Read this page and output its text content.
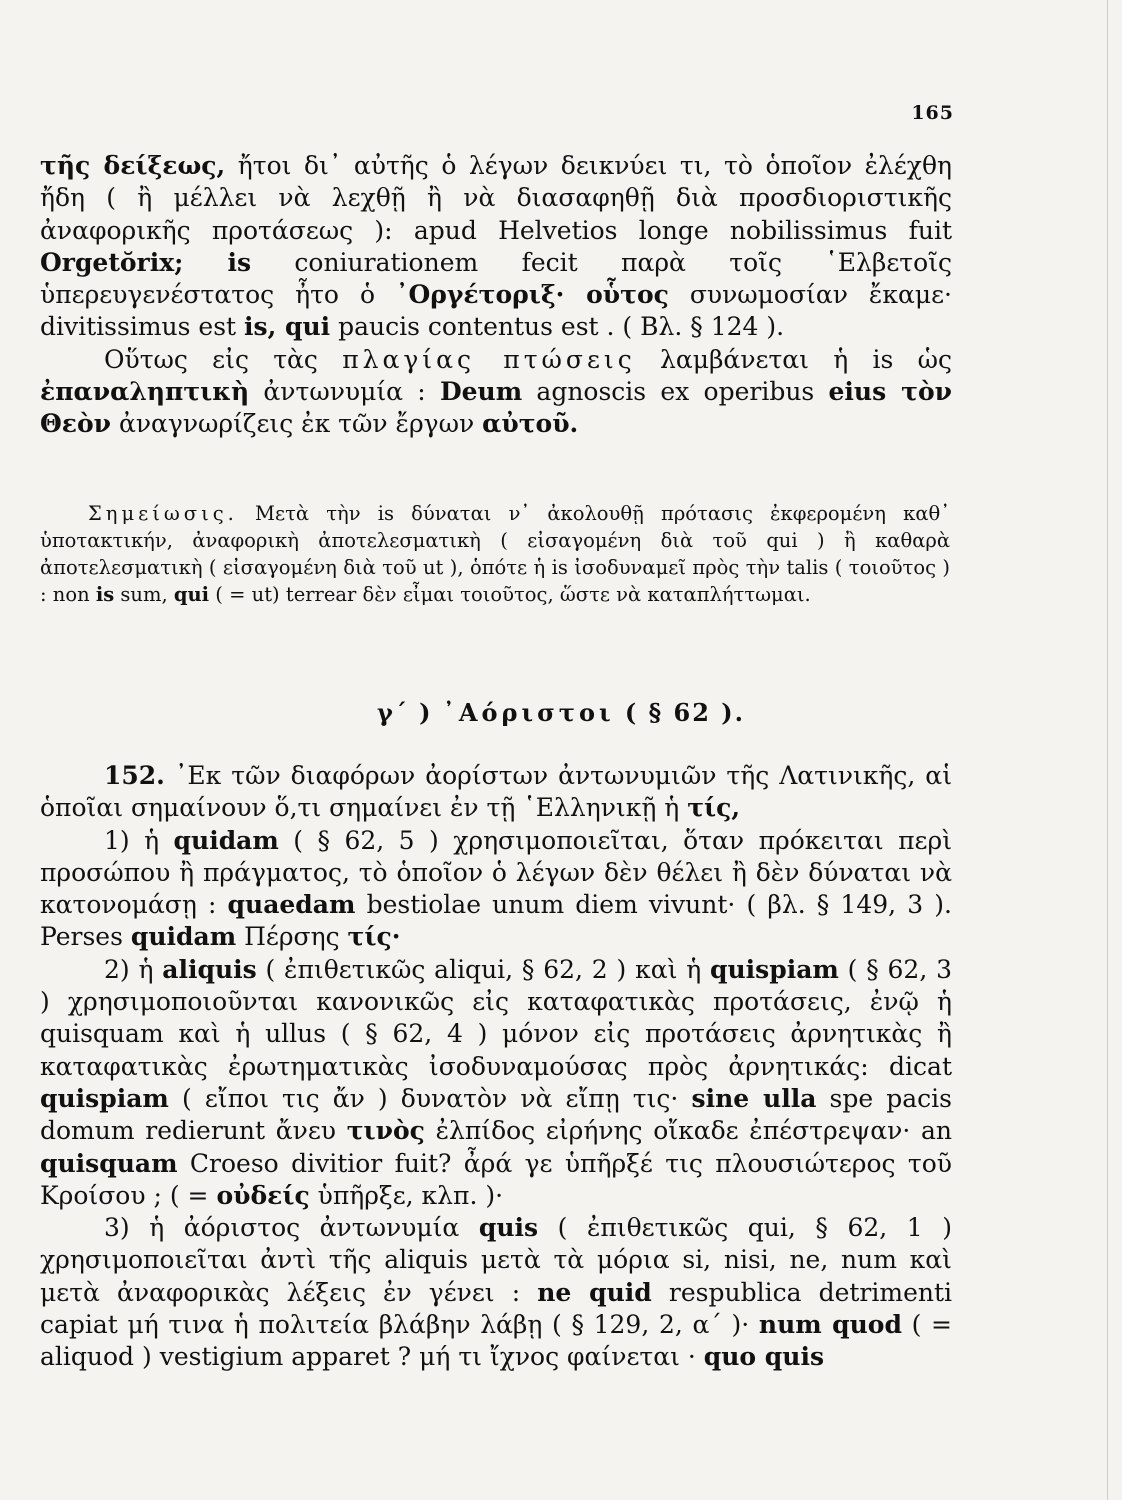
165

τῆς δείξεως, ἤτοι δι᾽ αὐτῆς ὁ λέγων δεικνύει τι, τὸ ὁποῖον ἐλέχθη ἤδη ( ἢ μέλλει νὰ λεχθῇ ἢ νὰ διασαφηθῇ διὰ προσδιοριστικῆς ἀναφορικῆς προτάσεως ): apud Helvetios longe nobilissimus fuit Orgetŏrix; is coniurationem fecit παρὰ τοῖς ῾Ελβετοῖς ὑπερευγενέστατος ἦτο ὁ ᾽Οργέτοριξ· οὗτος συνωμοσίαν ἔκαμε· divitissimus est is, qui paucis contentus est . ( Βλ. § 124 ).

Οὕτως εἰς τὰς πλαγίας πτώσεις λαμβάνεται ἡ is ὡς ἐπαναληπτικὴ ἀντωνυμία : Deum agnoscis ex operibus eius τὸν Θεὸν ἀναγνωρίζεις ἐκ τῶν ἔργων αὐτοῦ.

Σημείωσις. Μετὰ τὴν is δύναται ν᾽ ἀκολουθῇ πρότασις ἐκφερομένη καθ᾽ ὑποτακτικήν, ἀναφορικὴ ἀποτελεσματικὴ ( εἰσαγομένη διὰ τοῦ qui ) ἢ καθαρὰ ἀποτελεσματικὴ ( εἰσαγομένη διὰ τοῦ ut ), ὁπότε ἡ is ἰσοδυναμεῖ πρὸς τὴν talis ( τοιοῦτος ) : non is sum, qui ( = ut) terrear δὲν εἶμαι τοιοῦτος, ὥστε νὰ καταπλήττωμαι.

γ´ ) ᾽Αόριστοι ( § 62 ).

152. ᾽Εκ τῶν διαφόρων ἀορίστων ἀντωνυμιῶν τῆς Λατινικῆς, αἱ ὁποῖαι σημαίνουν ὅ,τι σημαίνει ἐν τῇ ῾Ελληνικῇ ἡ τίς,

1) ἡ quidam ( § 62, 5 ) χρησιμοποιεῖται, ὅταν πρόκειται περὶ προσώπου ἢ πράγματος, τὸ ὁποῖον ὁ λέγων δὲν θέλει ἢ δὲν δύναται νὰ κατονομάσῃ : quaedam bestiolae unum diem vivunt· ( βλ. § 149, 3 ). Perses quidam Πέρσης τίς·

2) ἡ aliquis ( ἐπιθετικῶς aliqui, § 62, 2 ) καὶ ἡ quispiam ( § 62, 3 ) χρησιμοποιοῦνται κανονικῶς εἰς καταφατικὰς προτάσεις, ἐνῷ ἡ quisquam καὶ ἡ ullus ( § 62, 4 ) μόνον εἰς προτάσεις ἀρνητικὰς ἢ καταφατικὰς ἐρωτηματικὰς ἰσοδυναμούσας πρὸς ἀρνητικάς: dicat quispiam ( εἴποι τις ἄν ) δυνατὸν νὰ εἴπῃ τις· sine ulla spe pacis domum redierunt ἄνευ τινὸς ἐλπίδος εἰρήνης οἴκαδε ἐπέστρεψαν· an quisquam Croeso divitior fuit? ἆρά γε ὑπῆρξέ τις πλουσιώτερος τοῦ Κροίσου ; ( = οὐδείς ὑπῆρξε, κλπ. )·

3) ἡ ἀόριστος ἀντωνυμία quis ( ἐπιθετικῶς qui, § 62, 1 ) χρησιμοποιεῖται ἀντὶ τῆς aliquis μετὰ τὰ μόρια si, nisi, ne, num καὶ μετὰ ἀναφορικὰς λέξεις ἐν γένει : ne quid respublica detrimenti capiat μή τινα ἡ πολιτεία βλάβην λάβῃ ( § 129, 2, α´ )· num quod ( = aliquod ) vestigium apparet ? μή τι ἴχνος φαίνεται · quo quis
